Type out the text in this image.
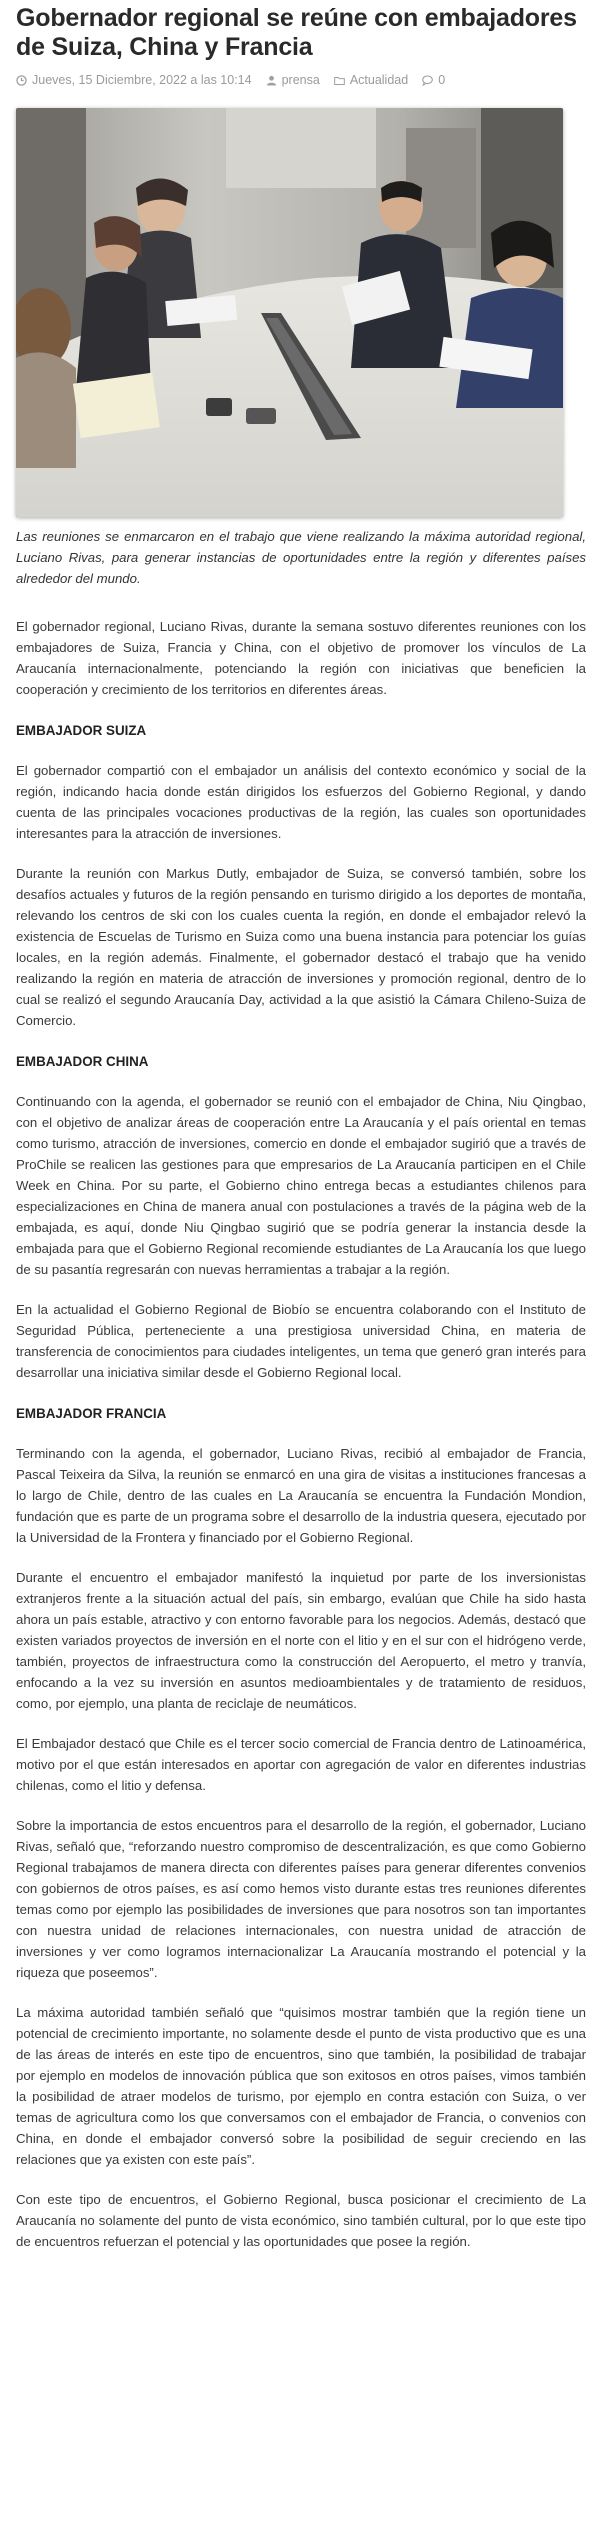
Gobernador regional se reúne con embajadores de Suiza, China y Francia
Jueves, 15 Diciembre, 2022 a las 10:14 prensa Actualidad 0

Las reuniones se enmarcaron en el trabajo que viene realizando la máxima autoridad regional, Luciano Rivas, para generar instancias de oportunidades entre la región y diferentes países alrededor del mundo.

El gobernador regional, Luciano Rivas, durante la semana sostuvo diferentes reuniones con los embajadores de Suiza, Francia y China, con el objetivo de promover los vínculos de La Araucanía internacionalmente, potenciando la región con iniciativas que beneficien la cooperación y crecimiento de los territorios en diferentes áreas.

EMBAJADOR SUIZA

El gobernador compartió con el embajador un análisis del contexto económico y social de la región, indicando hacia donde están dirigidos los esfuerzos del Gobierno Regional, y dando cuenta de las principales vocaciones productivas de la región, las cuales son oportunidades interesantes para la atracción de inversiones.

Durante la reunión con Markus Dutly, embajador de Suiza, se conversó también, sobre los desafíos actuales y futuros de la región pensando en turismo dirigido a los deportes de montaña, relevando los centros de ski con los cuales cuenta la región, en donde el embajador relevó la existencia de Escuelas de Turismo en Suiza como una buena instancia para potenciar los guías locales, en la región además. Finalmente, el gobernador destacó el trabajo que ha venido realizando la región en materia de atracción de inversiones y promoción regional, dentro de lo cual se realizó el segundo Araucanía Day, actividad a la que asistió la Cámara Chileno-Suiza de Comercio.

EMBAJADOR CHINA

Continuando con la agenda, el gobernador se reunió con el embajador de China, Niu Qingbao, con el objetivo de analizar áreas de cooperación entre La Araucanía y el país oriental en temas como turismo, atracción de inversiones, comercio en donde el embajador sugirió que a través de ProChile se realicen las gestiones para que empresarios de La Araucanía participen en el Chile Week en China. Por su parte, el Gobierno chino entrega becas a estudiantes chilenos para especializaciones en China de manera anual con postulaciones a través de la página web de la embajada, es aquí, donde Niu Qingbao sugirió que se podría generar la instancia desde la embajada para que el Gobierno Regional recomiende estudiantes de La Araucanía los que luego de su pasantía regresarán con nuevas herramientas a trabajar a la región.

En la actualidad el Gobierno Regional de Biobío se encuentra colaborando con el Instituto de Seguridad Pública, perteneciente a una prestigiosa universidad China, en materia de transferencia de conocimientos para ciudades inteligentes, un tema que generó gran interés para desarrollar una iniciativa similar desde el Gobierno Regional local.

EMBAJADOR FRANCIA

Terminando con la agenda, el gobernador, Luciano Rivas, recibió al embajador de Francia, Pascal Teixeira da Silva, la reunión se enmarcó en una gira de visitas a instituciones francesas a lo largo de Chile, dentro de las cuales en La Araucanía se encuentra la Fundación Mondion, fundación que es parte de un programa sobre el desarrollo de la industria quesera, ejecutado por la Universidad de la Frontera y financiado por el Gobierno Regional.

Durante el encuentro el embajador manifestó la inquietud por parte de los inversionistas extranjeros frente a la situación actual del país, sin embargo, evalúan que Chile ha sido hasta ahora un país estable, atractivo y con entorno favorable para los negocios. Además, destacó que existen variados proyectos de inversión en el norte con el litio y en el sur con el hidrógeno verde, también, proyectos de infraestructura como la construcción del Aeropuerto, el metro y tranvía, enfocando a la vez su inversión en asuntos medioambientales y de tratamiento de residuos, como, por ejemplo, una planta de reciclaje de neumáticos.

El Embajador destacó que Chile es el tercer socio comercial de Francia dentro de Latinoamérica, motivo por el que están interesados en aportar con agregación de valor en diferentes industrias chilenas, como el litio y defensa.

Sobre la importancia de estos encuentros para el desarrollo de la región, el gobernador, Luciano Rivas, señaló que, “reforzando nuestro compromiso de descentralización, es que como Gobierno Regional trabajamos de manera directa con diferentes países para generar diferentes convenios con gobiernos de otros países, es así como hemos visto durante estas tres reuniones diferentes temas como por ejemplo las posibilidades de inversiones que para nosotros son tan importantes con nuestra unidad de relaciones internacionales, con nuestra unidad de atracción de inversiones y ver como logramos internacionalizar La Araucanía mostrando el potencial y la riqueza que poseemos”.

La máxima autoridad también señaló que “quisimos mostrar también que la región tiene un potencial de crecimiento importante, no solamente desde el punto de vista productivo que es una de las áreas de interés en este tipo de encuentros, sino que también, la posibilidad de trabajar por ejemplo en modelos de innovación pública que son exitosos en otros países, vimos también la posibilidad de atraer modelos de turismo, por ejemplo en contra estación con Suiza, o ver temas de agricultura como los que conversamos con el embajador de Francia, o convenios con China, en donde el embajador conversó sobre la posibilidad de seguir creciendo en las relaciones que ya existen con este país”.

Con este tipo de encuentros, el Gobierno Regional, busca posicionar el crecimiento de La Araucanía no solamente del punto de vista económico, sino también cultural, por lo que este tipo de encuentros refuerzan el potencial y las oportunidades que posee la región.
